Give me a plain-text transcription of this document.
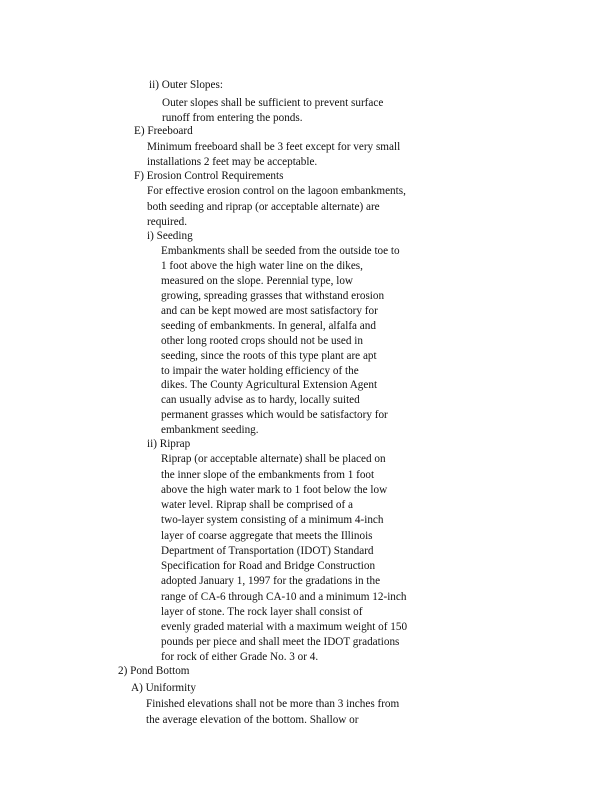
ii) Outer Slopes:
Outer slopes shall be sufficient to prevent surface
runoff from entering the ponds.
E) Freeboard
Minimum freeboard shall be 3 feet except for very small
installations 2 feet may be acceptable.
F) Erosion Control Requirements
For effective erosion control on the lagoon embankments,
both seeding and riprap (or acceptable alternate) are
required.
i) Seeding
Embankments shall be seeded from the outside toe to
1 foot above the high water line on the dikes,
measured on the slope. Perennial type, low
growing, spreading grasses that withstand erosion
and can be kept mowed are most satisfactory for
seeding of embankments. In general, alfalfa and
other long rooted crops should not be used in
seeding, since the roots of this type plant are apt
to impair the water holding efficiency of the
dikes. The County Agricultural Extension Agent
can usually advise as to hardy, locally suited
permanent grasses which would be satisfactory for
embankment seeding.
ii) Riprap
Riprap (or acceptable alternate) shall be placed on
the inner slope of the embankments from 1 foot
above the high water mark to 1 foot below the low
water level. Riprap shall be comprised of a
two-layer system consisting of a minimum 4-inch
layer of coarse aggregate that meets the Illinois
Department of Transportation (IDOT) Standard
Specification for Road and Bridge Construction
adopted January 1, 1997 for the gradations in the
range of CA-6 through CA-10 and a minimum 12-inch
layer of stone. The rock layer shall consist of
evenly graded material with a maximum weight of 150
pounds per piece and shall meet the IDOT gradations
for rock of either Grade No. 3 or 4.
2) Pond Bottom
A) Uniformity
Finished elevations shall not be more than 3 inches from
the average elevation of the bottom. Shallow or
